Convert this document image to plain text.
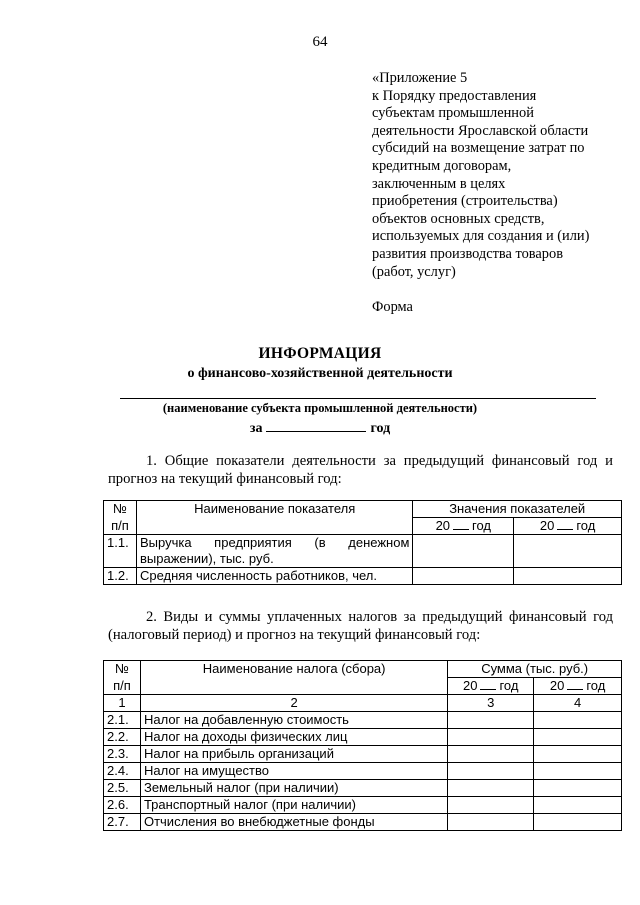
64
«Приложение 5
к Порядку предоставления
субъектам промышленной
деятельности Ярославской области
субсидий на возмещение затрат по
кредитным договорам,
заключенным в целях
приобретения (строительства)
объектов основных средств,
используемых для создания и (или)
развития производства товаров
(работ, услуг)
Форма
ИНФОРМАЦИЯ
о финансово-хозяйственной деятельности
(наименование субъекта промышленной деятельности)
за	год
1. Общие показатели деятельности за предыдущий финансовый год и
прогноз на текущий финансовый год:
№	Наименование показателя	Значения показателей	
п/п		20 год	20 год
1.1.	Выручка предприятия (в денежном
выражении), тыс. руб.		
1.2.	Средняя численность работников, чел.		
2. Виды и суммы уплаченных налогов за предыдущий финансовый год
(налоговый период) и прогноз на текущий финансовый год:
№	Наименование налога (сбора)	Сумма (тыс. руб.)	
п/п		20 год	20 год
1	2	3	4
2.1.	Налог на добавленную стоимость		
2.2.	Налог на доходы физических лиц		
2.3.	Налог на прибыль организаций		
2.4.	Налог на имущество		
2.5.	Земельный налог (при наличии)		
2.6.	Транспортный налог (при наличии)		
2.7.	Отчисления во внебюджетные фонды		
